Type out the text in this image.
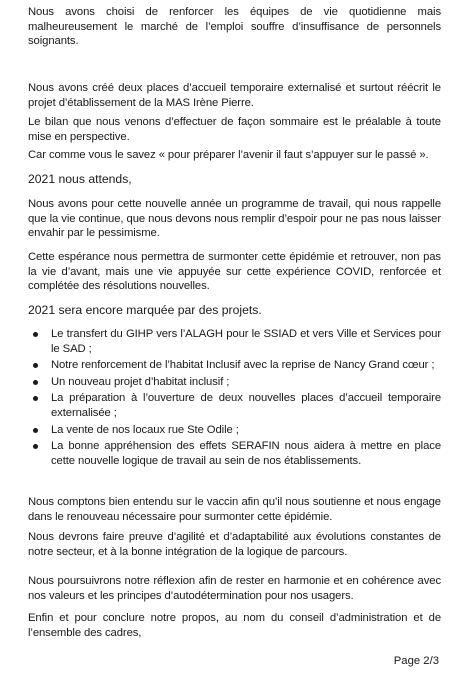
Nous avons choisi de renforcer les équipes de vie quotidienne mais malheureusement le marché de l’emploi souffre d’insuffisance de personnels soignants.

Nous avons créé deux places d’accueil temporaire externalisé et surtout réécrit le projet d’établissement de la MAS Irène Pierre.

Le bilan que nous venons d’effectuer de façon sommaire est le préalable à toute mise en perspective.

Car comme vous le savez « pour préparer l’avenir il faut s’appuyer sur le passé ».

2021 nous attends,

Nous avons pour cette nouvelle année un programme de travail, qui nous rappelle que la vie continue, que nous devons nous remplir d’espoir pour ne pas nous laisser envahir par le pessimisme.

Cette espérance nous permettra de surmonter cette épidémie et retrouver, non pas la vie d’avant, mais une vie appuyée sur cette expérience COVID, renforcée et complétée des résolutions nouvelles.

2021 sera encore marquée par des projets.

Le transfert du GIHP vers l’ALAGH pour le SSIAD et vers Ville et Services pour le SAD ;
Notre renforcement de l’habitat Inclusif avec la reprise de Nancy Grand cœur ;
Un nouveau projet d’habitat inclusif ;
La préparation à l’ouverture de deux nouvelles places d’accueil temporaire externalisée ;
La vente de nos locaux rue Ste Odile ;
La bonne appréhension des effets SERAFIN nous aidera à mettre en place cette nouvelle logique de travail au sein de nos établissements.

Nous comptons bien entendu sur le vaccin afin qu’il nous soutienne et nous engage dans le renouveau nécessaire pour surmonter cette épidémie.

Nous devrons faire preuve d’agilité et d’adaptabilité aux évolutions constantes de notre secteur, et à la bonne intégration de la logique de parcours.

Nous poursuivrons notre réflexion afin de rester en harmonie et en cohérence avec nos valeurs et les principes d’autodétermination pour nos usagers.

Enfin et pour conclure notre propos, au nom du conseil d’administration et de l’ensemble des cadres,

Page 2/3
